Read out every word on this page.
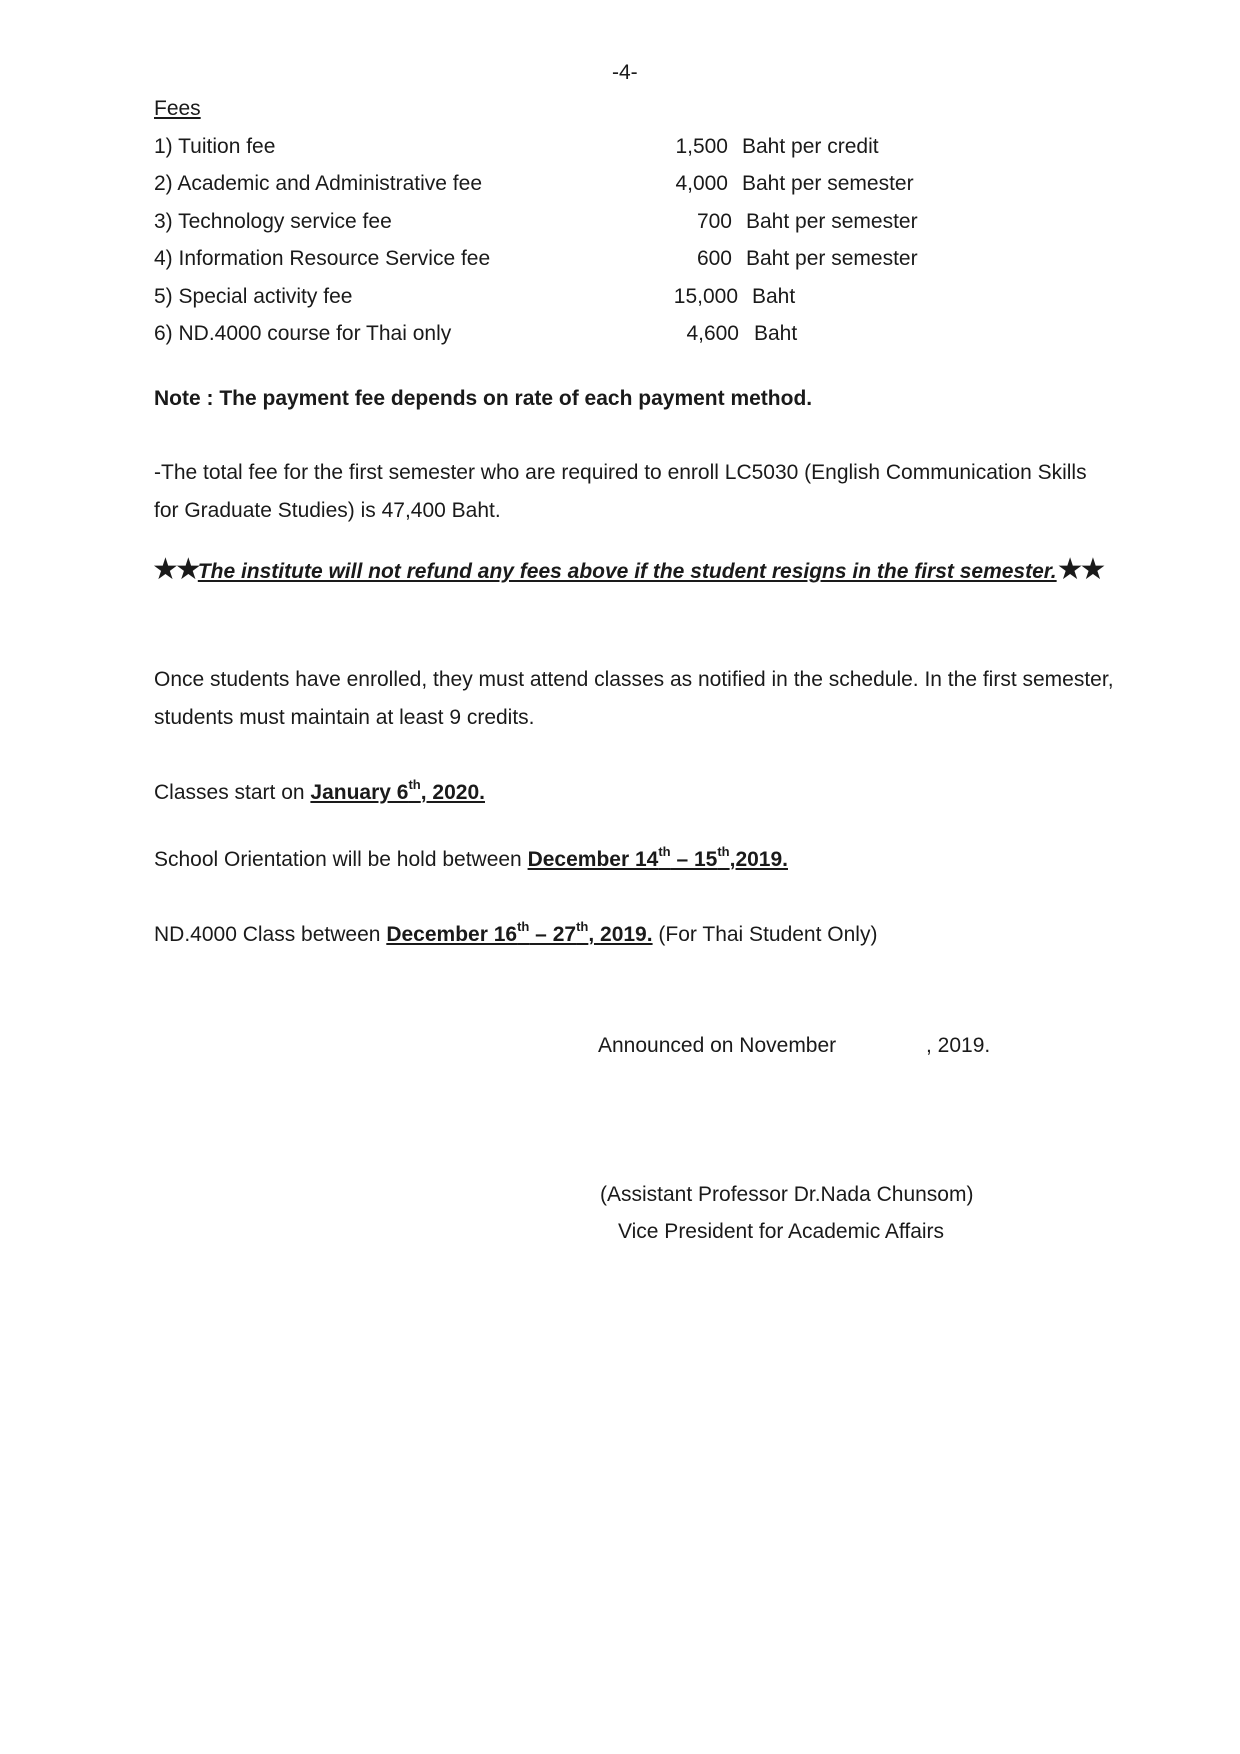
-4-
Fees
1) Tuition fee	1,500 Baht per credit
2) Academic and Administrative fee	4,000 Baht per semester
3) Technology service fee	700 Baht per semester
4) Information Resource Service fee	600 Baht per semester
5) Special activity fee	15,000 Baht
6) ND.4000 course for Thai only	4,600 Baht
Note : The payment fee depends on rate of each payment method.
-The total fee for the first semester who are required to enroll LC5030 (English Communication Skills for Graduate Studies) is 47,400 Baht.
★★The institute will not refund any fees above if the student resigns in the first semester.★★
Once students have enrolled, they must attend classes as notified in the schedule. In the first semester, students must maintain at least 9 credits.
Classes start on January 6th, 2020.
School Orientation will be hold between December 14th – 15th,2019.
ND.4000 Class between December 16th – 27th, 2019. (For Thai Student Only)
Announced on November	, 2019.
(Assistant Professor Dr.Nada Chunsom)
Vice President for Academic Affairs
